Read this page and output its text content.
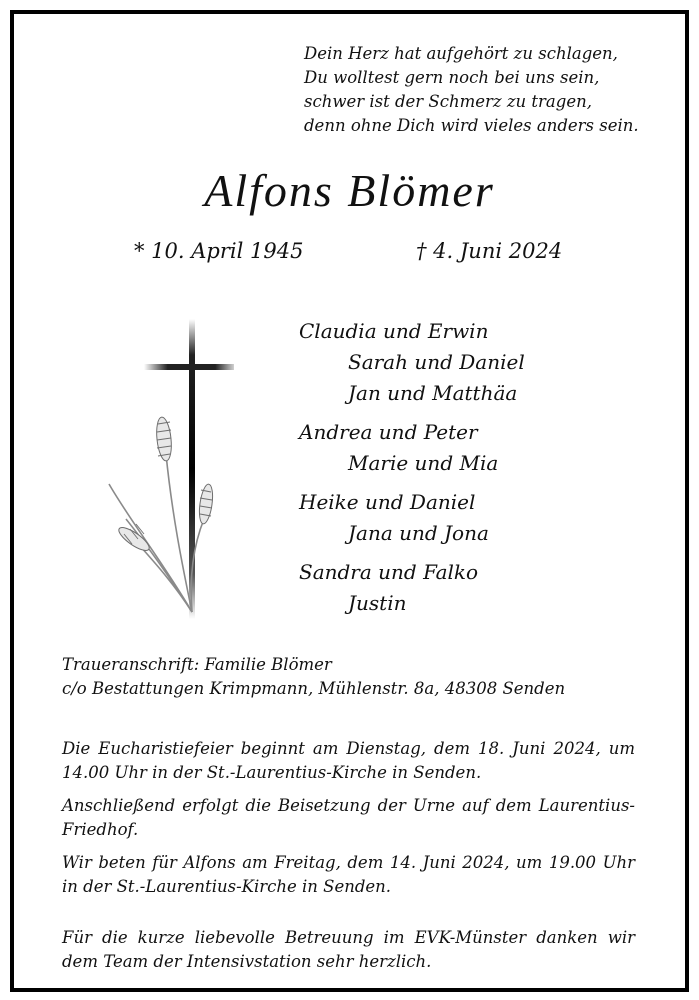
Dein Herz hat aufgehört zu schlagen,
Du wolltest gern noch bei uns sein,
schwer ist der Schmerz zu tragen,
denn ohne Dich wird vieles anders sein.
Alfons Blömer
* 10. April 1945	† 4. Juni 2024
Claudia und Erwin
Sarah und Daniel
Jan und Matthäa
Andrea und Peter
Marie und Mia
Heike und Daniel
Jana und Jona
Sandra und Falko
Justin
Traueranschrift: Familie Blömer
c/o Bestattungen Krimpmann, Mühlenstr. 8a, 48308 Senden
Die Eucharistiefeier beginnt am Dienstag, dem 18. Juni 2024, um 14.00 Uhr in der St.-Laurentius-Kirche in Senden.
Anschließend erfolgt die Beisetzung der Urne auf dem Laurentius-Friedhof.
Wir beten für Alfons am Freitag, dem 14. Juni 2024, um 19.00 Uhr in der St.-Laurentius-Kirche in Senden.
Für die kurze liebevolle Betreuung im EVK-Münster danken wir dem Team der Intensivstation sehr herzlich.
